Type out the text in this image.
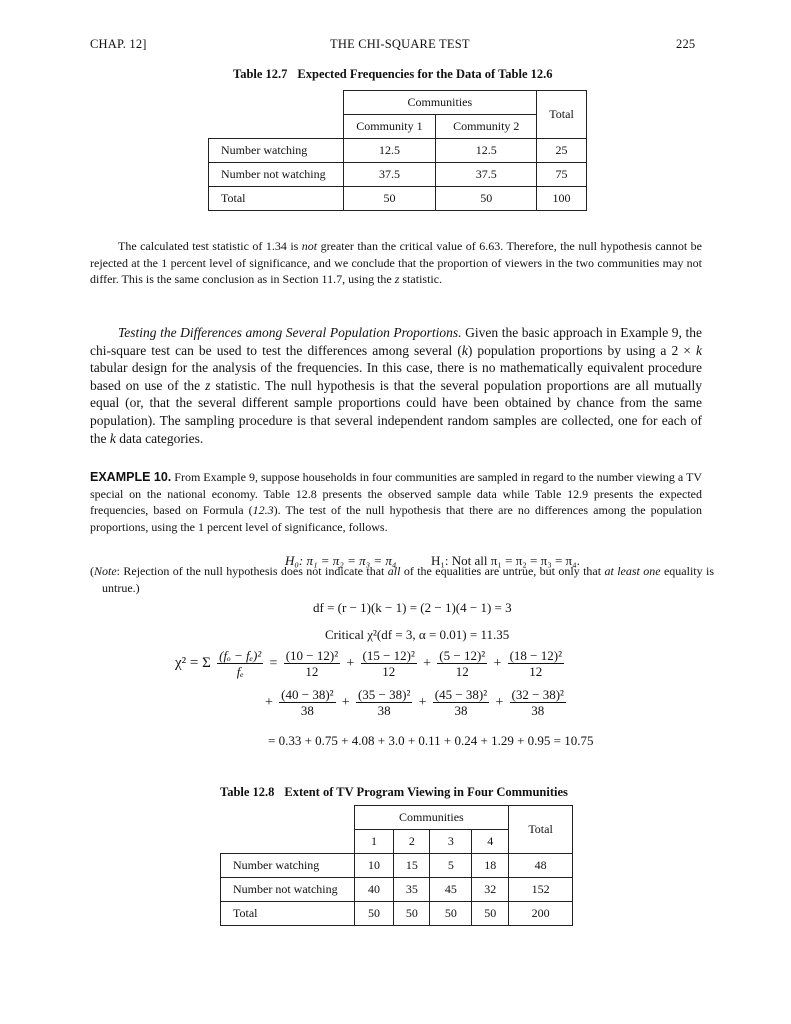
CHAP. 12]	THE CHI-SQUARE TEST	225
Table 12.7 Expected Frequencies for the Data of Table 12.6
	Communities		Total
	Community 1	Community 2	
Number watching	12.5	12.5	25
Number not watching	37.5	37.5	75
Total	50	50	100
The calculated test statistic of 1.34 is not greater than the critical value of 6.63. Therefore, the null hypothesis cannot be rejected at the 1 percent level of significance, and we conclude that the proportion of viewers in the two communities may not differ. This is the same conclusion as in Section 11.7, using the z statistic.
Testing the Differences among Several Population Proportions. Given the basic approach in Example 9, the chi-square test can be used to test the differences among several (k) population proportions by using a 2 × k tabular design for the analysis of the frequencies. In this case, there is no mathematically equivalent procedure based on use of the z statistic. The null hypothesis is that the several population proportions are all mutually equal (or, that the several different sample proportions could have been obtained by chance from the same population). The sampling procedure is that several independent random samples are collected, one for each of the k data categories.
EXAMPLE 10. From Example 9, suppose households in four communities are sampled in regard to the number viewing a TV special on the national economy. Table 12.8 presents the observed sample data while Table 12.9 presents the expected frequencies, based on Formula (12.3). The test of the null hypothesis that there are no differences among the population proportions, using the 1 percent level of significance, follows.
H₀: π₁ = π₂ = π₃ = π₄	H₁: Not all π₁ = π₂ = π₃ = π₄.
(Note: Rejection of the null hypothesis does not indicate that all of the equalities are untrue, but only that at least one equality is untrue.)
df = (r − 1)(k − 1) = (2 − 1)(4 − 1) = 3
Critical χ²(df = 3, α = 0.01) = 11.35
χ² = Σ $\frac{\text{(fₒ − fₑ)²}}{\text{fₑ}} = \frac{\text{(10 − 12)²}}{12} + \frac{\text{(15 − 12)²}}{12} + \frac{\text{(5 − 12)²}}{12} + \frac{\text{(18 − 12)²}}{12}$
+ $\frac{\text{(40 − 38)²}}{38} + \frac{\text{(35 − 38)²}}{38} + \frac{\text{(45 − 38)²}}{38} + \frac{\text{(32 − 38)²}}{38}$
= 0.33 + 0.75 + 4.08 + 3.0 + 0.11 + 0.24 + 1.29 + 0.95 = 10.75
Table 12.8 Extent of TV Program Viewing in Four Communities
	Communities				Total
	1	2	3	4	
Number watching	10	15	5	18	48
Number not watching	40	35	45	32	152
Total	50	50	50	50	200
